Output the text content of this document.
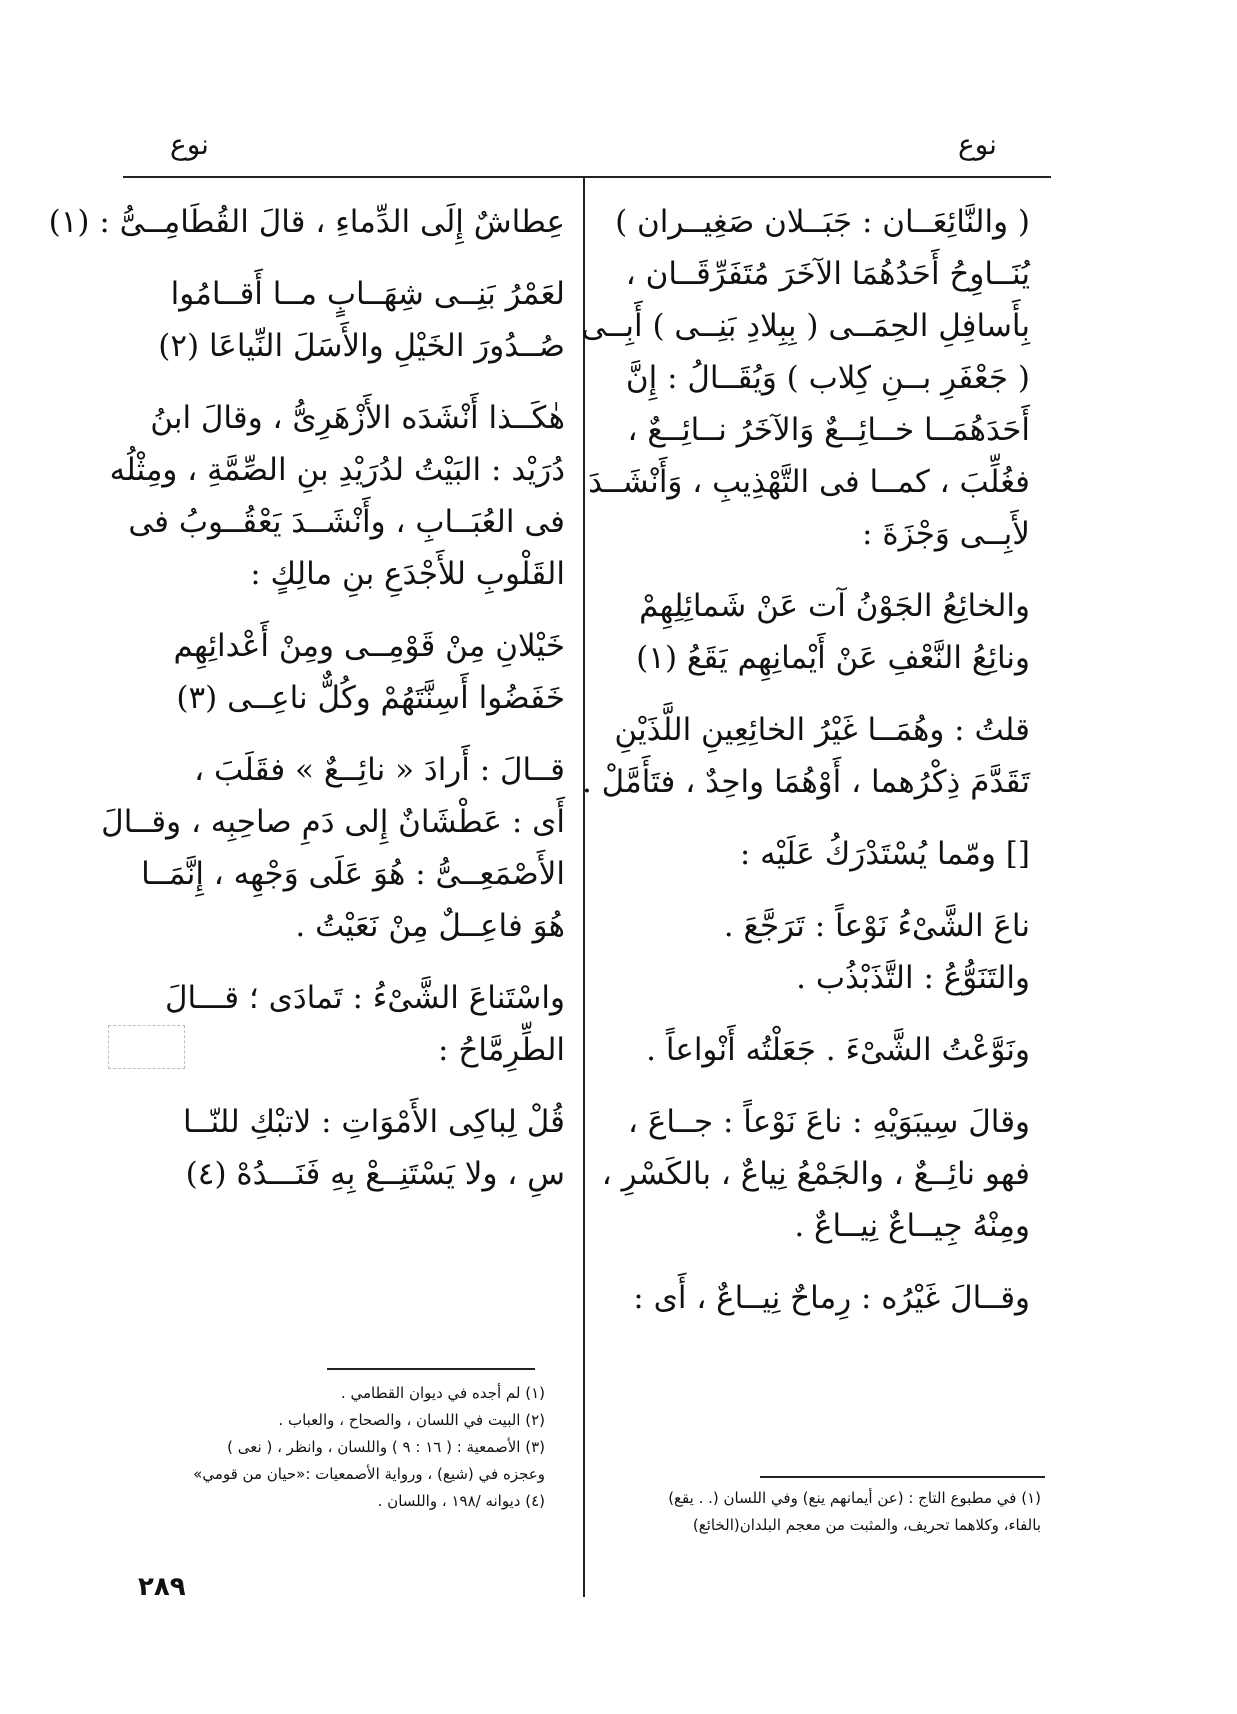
نوع
نوع
( والنَّائِعَــان : جَبَــلان صَغِيــران )
يُنَــاوِحُ أَحَدُهُمَا الآخَرَ مُتَفَرِّقَــان ،
بِأَسافِلِ الحِمَــى ( بِبِلادِ بَنِــى ) أَبِــى
( جَعْفَرِ بــنِ كِلاب ) وَيُقَــالُ : إِنَّ
أَحَدَهُمَــا خــائِــعٌ وَالآخَرُ نــائِــعٌ ،
فغُلِّبَ ، كمــا فى التَّهْذِيبِ ، وَأَنْشَــدَ
لأَبِــى وَجْزَةَ :
والخائِعُ الجَوْنُ آت عَنْ شَمائِلِهِمْ
ونائِعُ النَّعْفِ عَنْ أَيْمانِهِم يَقَعُ (١)
قلتُ : وهُمَــا غَيْرُ الخائِعِينِ اللَّذَيْنِ
تَقَدَّمَ ذِكْرُهما ، أَوْهُمَا واحِدٌ ، فتَأَمَّلْ .
[] ومّما يُسْتَدْرَكُ عَلَيْه :
ناعَ الشَّىْءُ نَوْعاً : تَرَجَّعَ .
والتَنَوُّعُ : التَّذَبْذُب .
ونَوَّعْتُ الشَّىْءَ . جَعَلْتُه أَنْواعاً .
وقالَ سِيبَوَيْهِ : ناعَ نَوْعاً : جــاعَ ،
فهو نائِــعٌ ، والجَمْعُ نِياعٌ ، بالكَسْرِ ،
ومِنْهُ جِيــاعٌ نِيــاعٌ .
وقــالَ غَيْرُه : رِماحٌ نِيــاعٌ ، أَى :
عِطاشٌ إِلَى الدِّماءِ ، قالَ القُطَامِــىُّ : (١)
لعَمْرُ بَنِــى شِهَــابٍ مــا أَقــامُوا
صُــدُورَ الخَيْلِ والأَسَلَ النِّياعَا (٢)
هٰكَــذا أَنْشَدَه الأَزْهَرِىُّ ، وقالَ ابنُ
دُرَيْد : البَيْتُ لدُرَيْدِ بنِ الصِّمَّةِ ، ومِثْلُه
فى العُبَــابِ ، وأَنْشَــدَ يَعْقُــوبُ فى
القَلْوبِ للأَجْدَعِ بنِ مالِكٍ :
خَيْلانِ مِنْ قَوْمِــى ومِنْ أَعْدائِهِم
خَفَضُوا أَسِنَّتَهُمْ وكُلٌّ ناعِــى (٣)
قــالَ : أَرادَ « نائِــعٌ » فقَلَبَ ،
أَى : عَطْشَانٌ إِلى دَمِ صاحِبِه ، وقــالَ
الأَصْمَعِــىُّ : هُوَ عَلَى وَجْهِه ، إِنَّمَــا
هُوَ فاعِــلٌ مِنْ نَعَيْتُ .
واسْتَناعَ الشَّىْءُ : تَمادَى ؛ قـــالَ
الطِّرِمَّاحُ :
قُلْ لِباكِى الأَمْوَاتِ : لاتبْكِ للنّــا
سِ ، ولا يَسْتَنِــعْ بِهِ فَنَـــدُهْ (٤)
(١) لم أجده في ديوان القطامي .
(٢) البيت في اللسان ، والصحاح ، والعباب .
(٣) الأصمعية : ( ١٦ : ٩ ) واللسان ، وانظر ، ( نعى )
وعجزه في (شيع) ، ورواية الأصمعيات :«حيان من قومي»
(٤) ديوانه /١٩٨ ، واللسان .	(١) في مطبوع التاج : (عن أيمانهم ينع) وفي اللسان (. . يقع)
بالفاء، وكلاهما تحريف، والمثبت من معجم البلدان(الخائع)
٢٨٩
